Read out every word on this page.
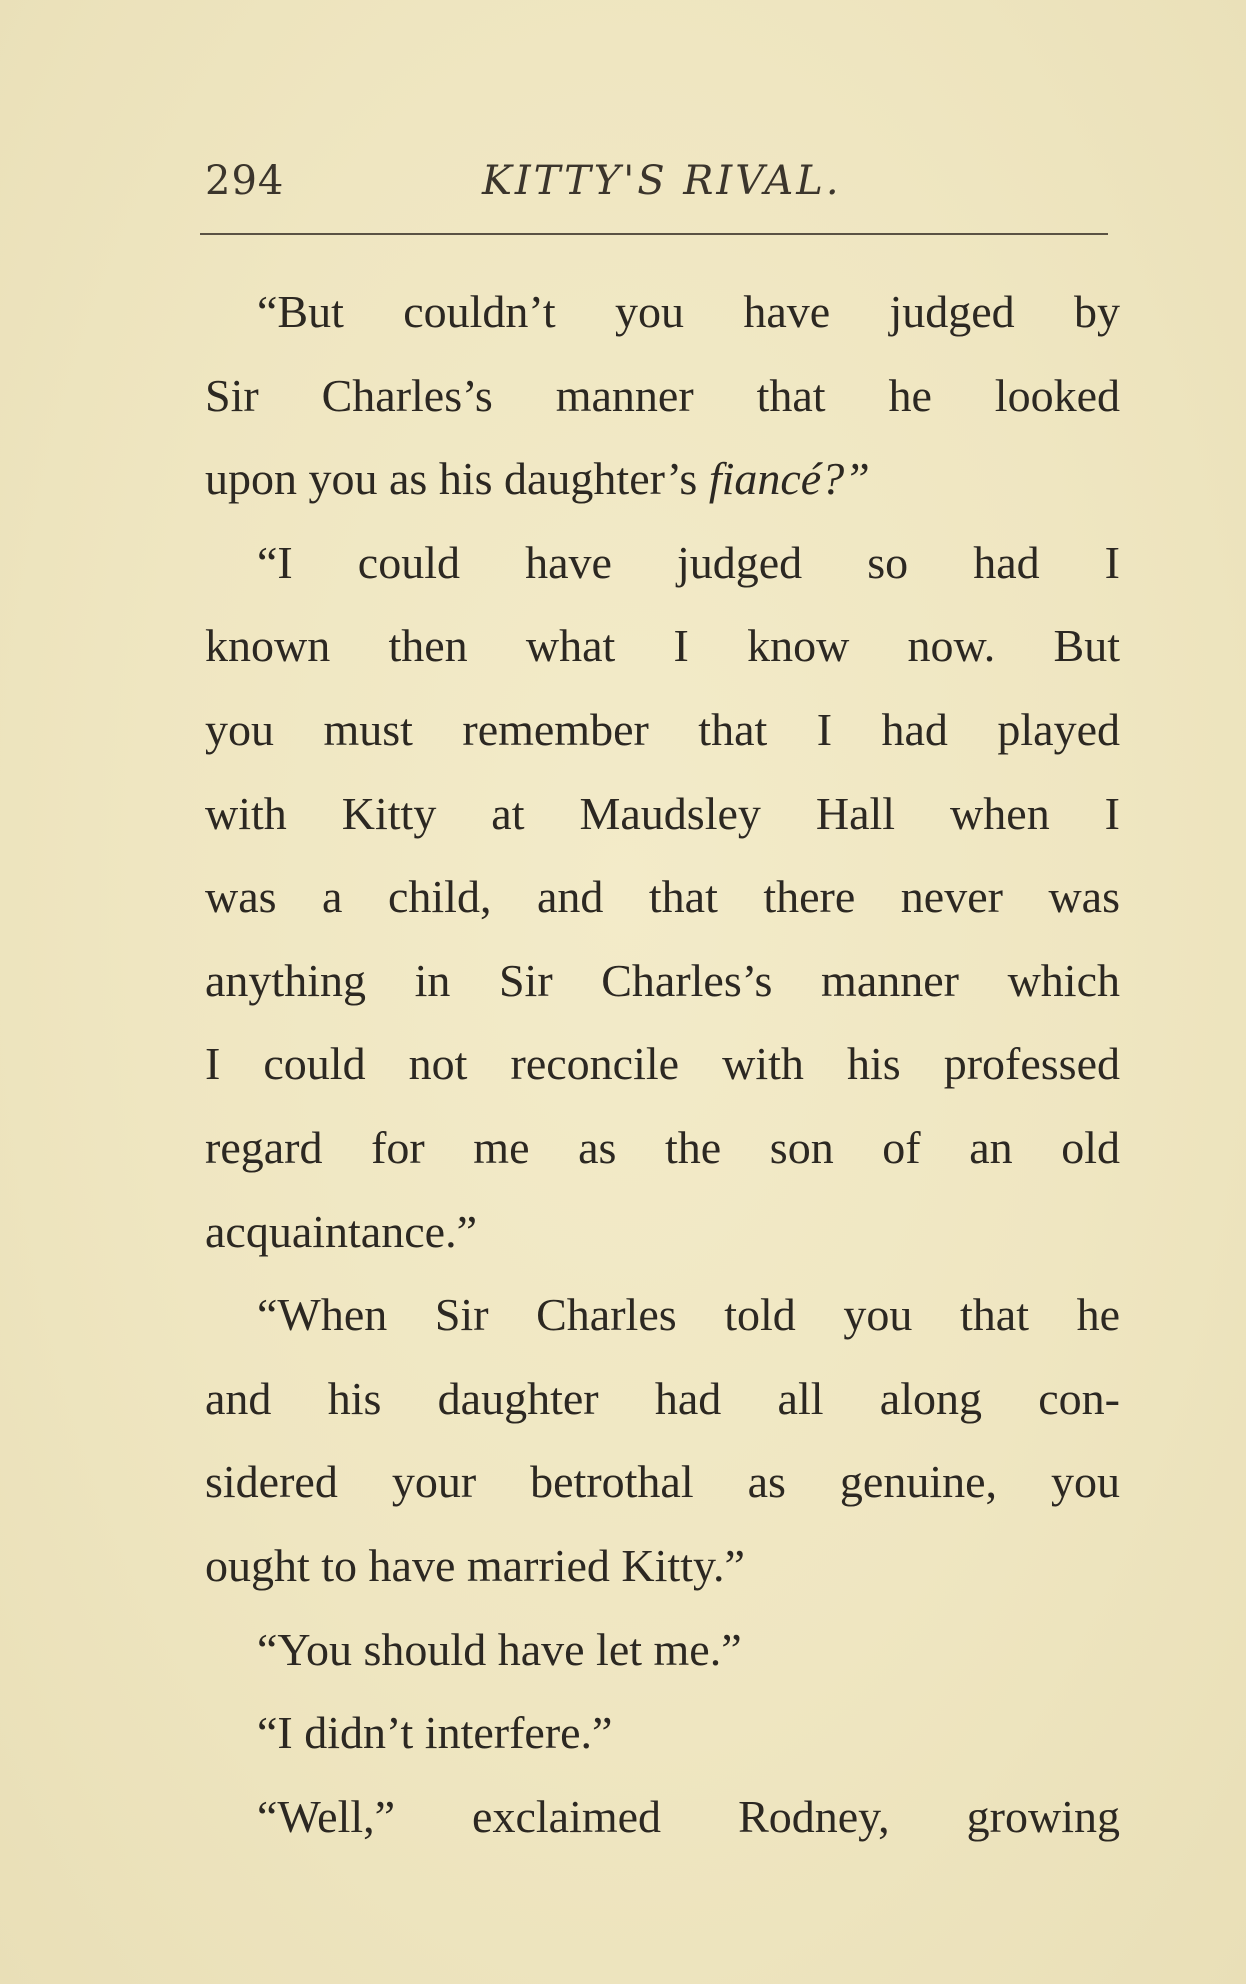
294	KITTY'S RIVAL.
“But couldn’t you have judged by
Sir Charles’s manner that he looked
upon you as his daughter’s fiancé?”
“I could have judged so had I
known then what I know now. But
you must remember that I had played
with Kitty at Maudsley Hall when I
was a child, and that there never was
anything in Sir Charles’s manner which
I could not reconcile with his professed
regard for me as the son of an old
acquaintance.”
“When Sir Charles told you that he
and his daughter had all along con-
sidered your betrothal as genuine, you
ought to have married Kitty.”
“You should have let me.”
“I didn’t interfere.”
“Well,” exclaimed Rodney, growing
